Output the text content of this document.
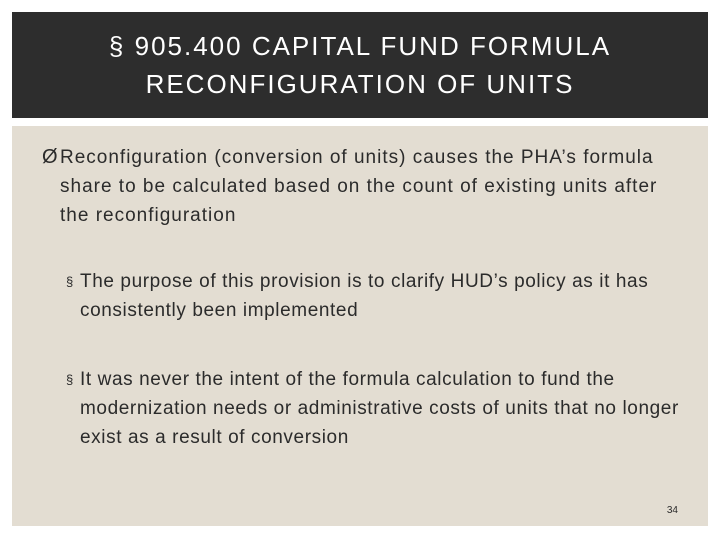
§ 905.400 CAPITAL FUND FORMULA
RECONFIGURATION OF UNITS
Ø Reconfiguration (conversion of units) causes the PHA’s formula share to be calculated based on the count of existing units after the reconfiguration
§ The purpose of this provision is to clarify HUD’s policy as it has consistently been implemented
§ It was never the intent of the formula calculation to fund the modernization needs or administrative costs of units that no longer exist as a result of conversion
34
